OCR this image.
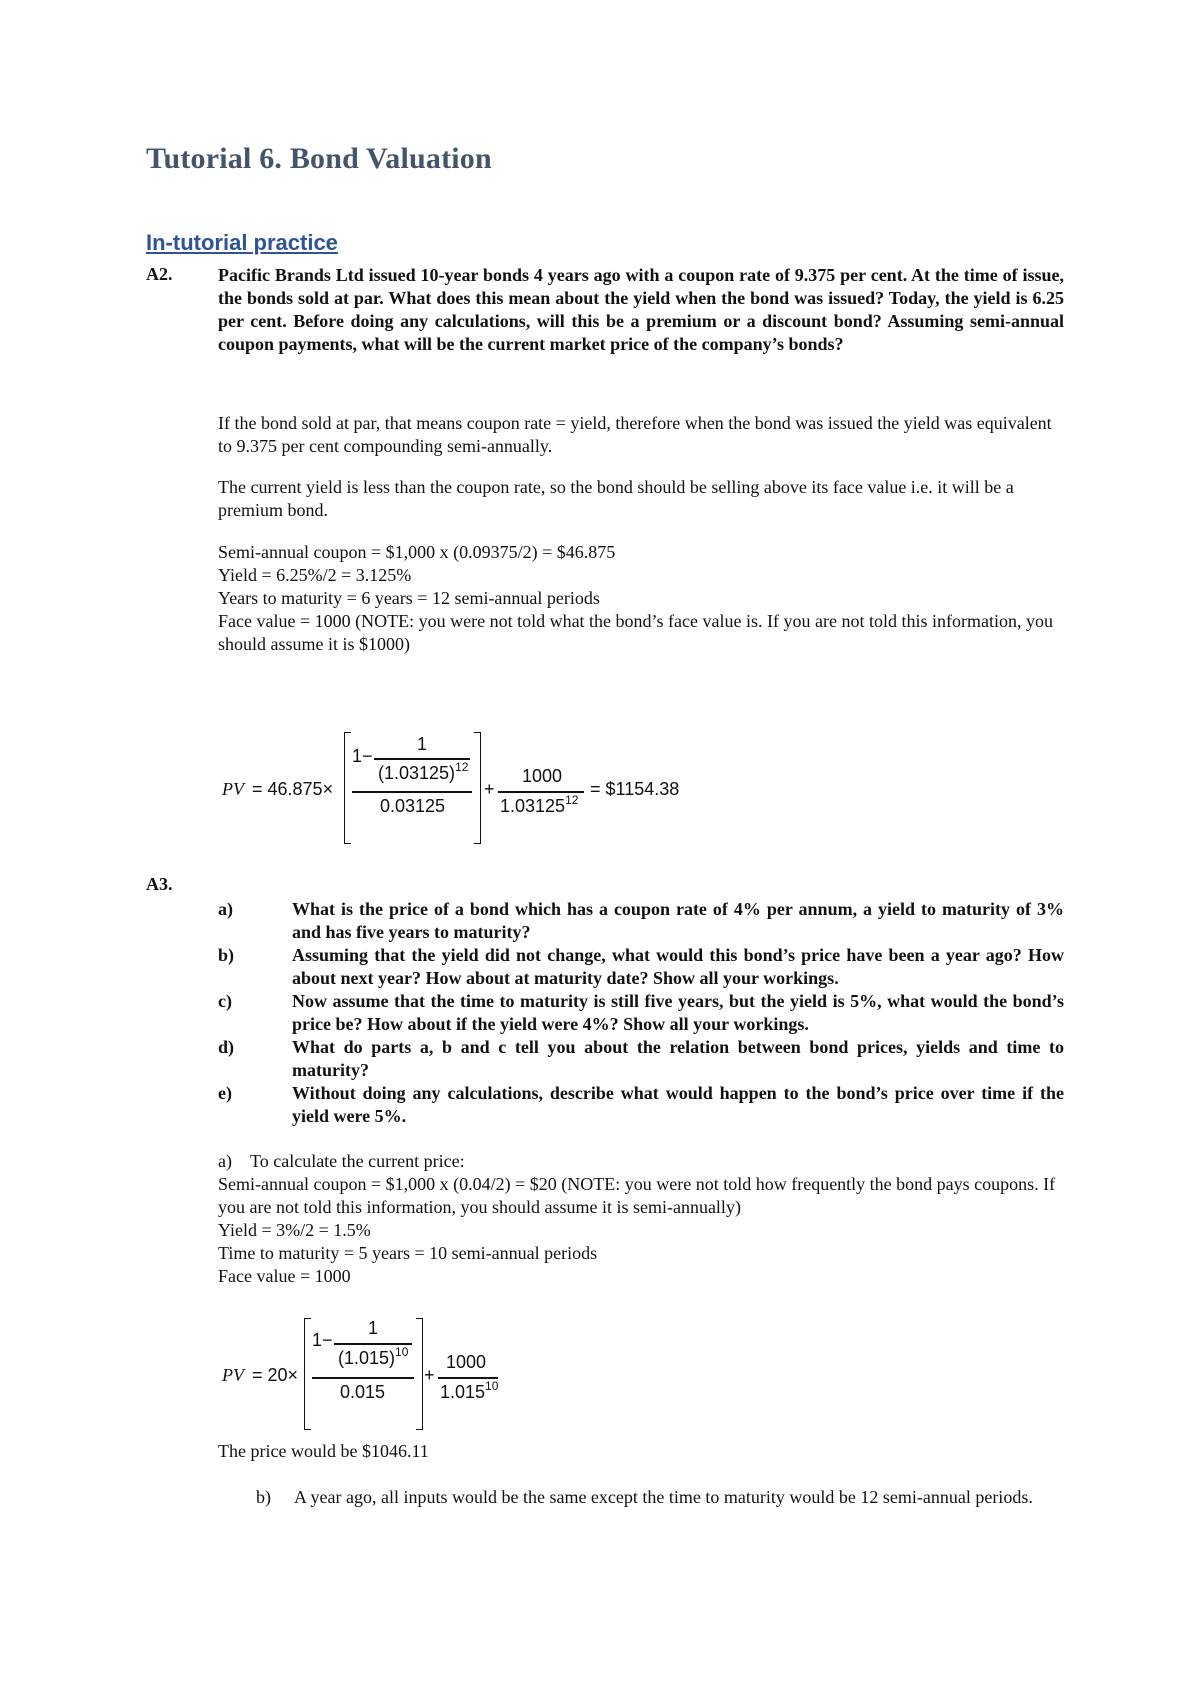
Tutorial 6. Bond Valuation
In-tutorial practice
A2.	Pacific Brands Ltd issued 10-year bonds 4 years ago with a coupon rate of 9.375 per cent. At the time of issue, the bonds sold at par. What does this mean about the yield when the bond was issued? Today, the yield is 6.25 per cent. Before doing any calculations, will this be a premium or a discount bond? Assuming semi-annual coupon payments, what will be the current market price of the company’s bonds?
If the bond sold at par, that means coupon rate = yield, therefore when the bond was issued the yield was equivalent to 9.375 per cent compounding semi-annually.
The current yield is less than the coupon rate, so the bond should be selling above its face value i.e. it will be a premium bond.
Semi-annual coupon = $1,000 x (0.09375/2) = $46.875
Yield = 6.25%/2 = 3.125%
Years to maturity = 6 years = 12 semi-annual periods
Face value = 1000 (NOTE: you were not told what the bond’s face value is. If you are not told this information, you should assume it is $1000)
PV = 46.875×
1−
1
$(1.03125)^{12}$
0.03125
+
1000
$1.03125^{12}$
= $1154.38
A3.
a)	What is the price of a bond which has a coupon rate of 4% per annum, a yield to maturity of 3% and has five years to maturity?
b)	Assuming that the yield did not change, what would this bond’s price have been a year ago? How about next year? How about at maturity date? Show all your workings.
c)	Now assume that the time to maturity is still five years, but the yield is 5%, what would the bond’s price be? How about if the yield were 4%? Show all your workings.
d)	What do parts a, b and c tell you about the relation between bond prices, yields and time to maturity?
e)	Without doing any calculations, describe what would happen to the bond’s price over time if the yield were 5%.
a) To calculate the current price:
Semi-annual coupon = $1,000 x (0.04/2) = $20 (NOTE: you were not told how frequently the bond pays coupons. If you are not told this information, you should assume it is semi-annually)
Yield = 3%/2 = 1.5%
Time to maturity = 5 years = 10 semi-annual periods
Face value = 1000
PV = 20×
1−
1
$(1.015)^{10}$
0.015
+
1000
1.015$^{10}$
The price would be $1046.11
b)	A year ago, all inputs would be the same except the time to maturity would be 12 semi-annual periods.
